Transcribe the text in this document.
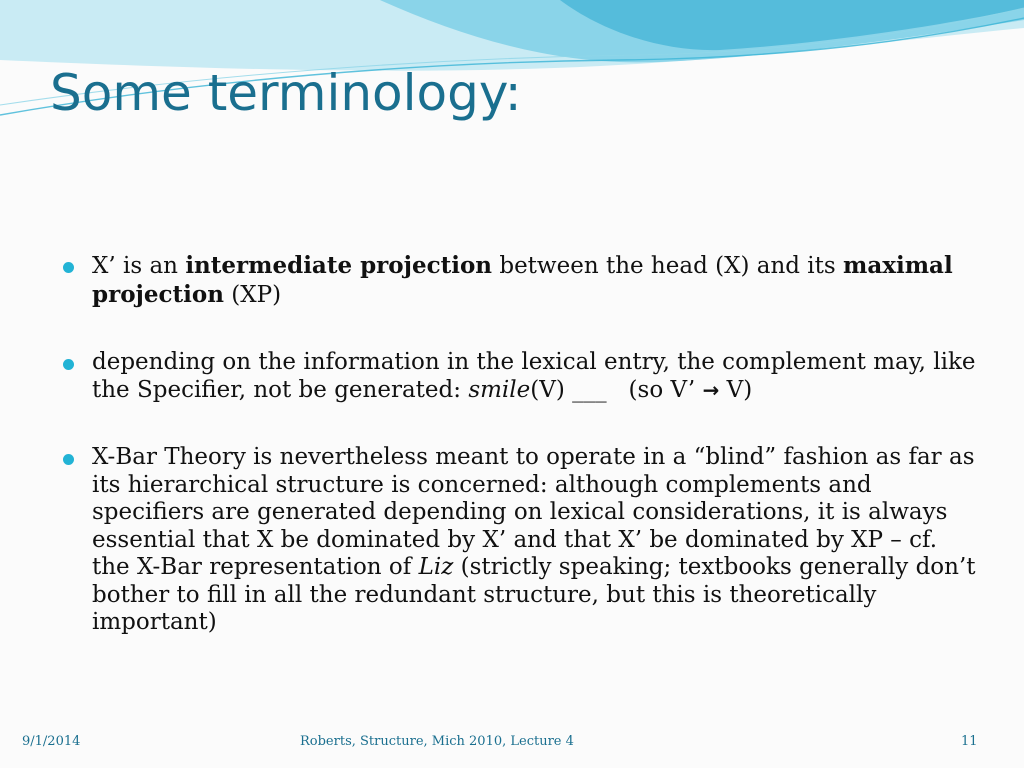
Some terminology:
X’ is an intermediate projection between the head (X) and its maximal projection (XP)
depending on the information in the lexical entry, the complement may, like the Specifier, not be generated: smile(V) ___   (so V’ → V)
X-Bar Theory is nevertheless meant to operate in a “blind” fashion as far as its hierarchical structure is concerned: although complements and specifiers are generated depending on lexical considerations, it is always essential that X be dominated by X’ and that X’ be dominated by XP – cf. the X-Bar representation of Liz (strictly speaking; textbooks generally don’t bother to fill in all the redundant structure, but this is theoretically important)
9/1/2014	Roberts, Structure, Mich 2010, Lecture 4	11
